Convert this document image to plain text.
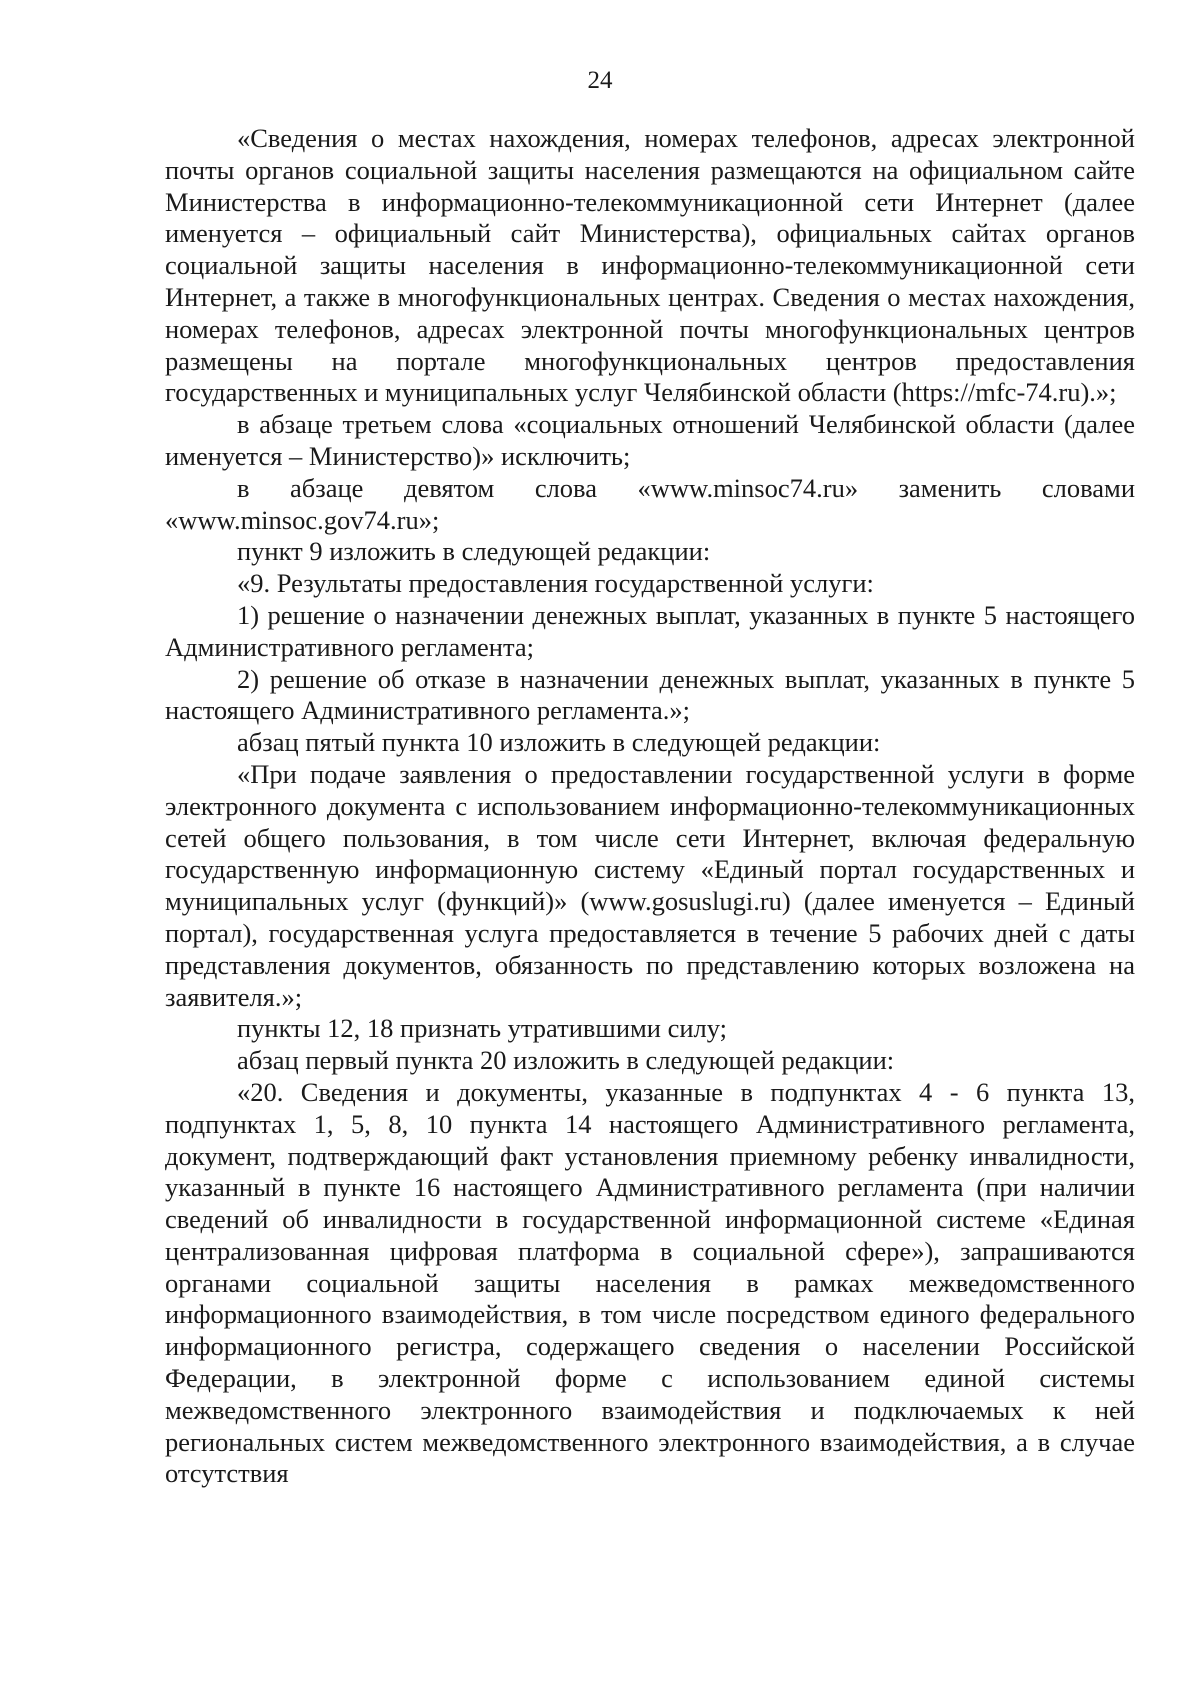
24

«Сведения о местах нахождения, номерах телефонов, адресах электронной почты органов социальной защиты населения размещаются на официальном сайте Министерства в информационно-телекоммуникационной сети Интернет (далее именуется – официальный сайт Министерства), официальных сайтах органов социальной защиты населения в информационно-телекоммуникационной сети Интернет, а также в многофункциональных центрах. Сведения о местах нахождения, номерах телефонов, адресах электронной почты многофункциональных центров размещены на портале многофункциональных центров предоставления государственных и муниципальных услуг Челябинской области (https://mfc-74.ru).»;

в абзаце третьем слова «социальных отношений Челябинской области (далее именуется – Министерство)» исключить;

в абзаце девятом слова «www.minsoc74.ru» заменить словами «www.minsoc.gov74.ru»;

пункт 9 изложить в следующей редакции:

«9. Результаты предоставления государственной услуги:

1) решение о назначении денежных выплат, указанных в пункте 5 настоящего Административного регламента;

2) решение об отказе в назначении денежных выплат, указанных в пункте 5 настоящего Административного регламента.»;

абзац пятый пункта 10 изложить в следующей редакции:

«При подаче заявления о предоставлении государственной услуги в форме электронного документа с использованием информационно-телекоммуникационных сетей общего пользования, в том числе сети Интернет, включая федеральную государственную информационную систему «Единый портал государственных и муниципальных услуг (функций)» (www.gosuslugi.ru) (далее именуется – Единый портал), государственная услуга предоставляется в течение 5 рабочих дней с даты представления документов, обязанность по представлению которых возложена на заявителя.»;

пункты 12, 18 признать утратившими силу;

абзац первый пункта 20 изложить в следующей редакции:

«20. Сведения и документы, указанные в подпунктах 4 - 6 пункта 13, подпунктах 1, 5, 8, 10 пункта 14 настоящего Административного регламента, документ, подтверждающий факт установления приемному ребенку инвалидности, указанный в пункте 16 настоящего Административного регламента (при наличии сведений об инвалидности в государственной информационной системе «Единая централизованная цифровая платформа в социальной сфере»), запрашиваются органами социальной защиты населения в рамках межведомственного информационного взаимодействия, в том числе посредством единого федерального информационного регистра, содержащего сведения о населении Российской Федерации, в электронной форме с использованием единой системы межведомственного электронного взаимодействия и подключаемых к ней региональных систем межведомственного электронного взаимодействия, а в случае отсутствия
